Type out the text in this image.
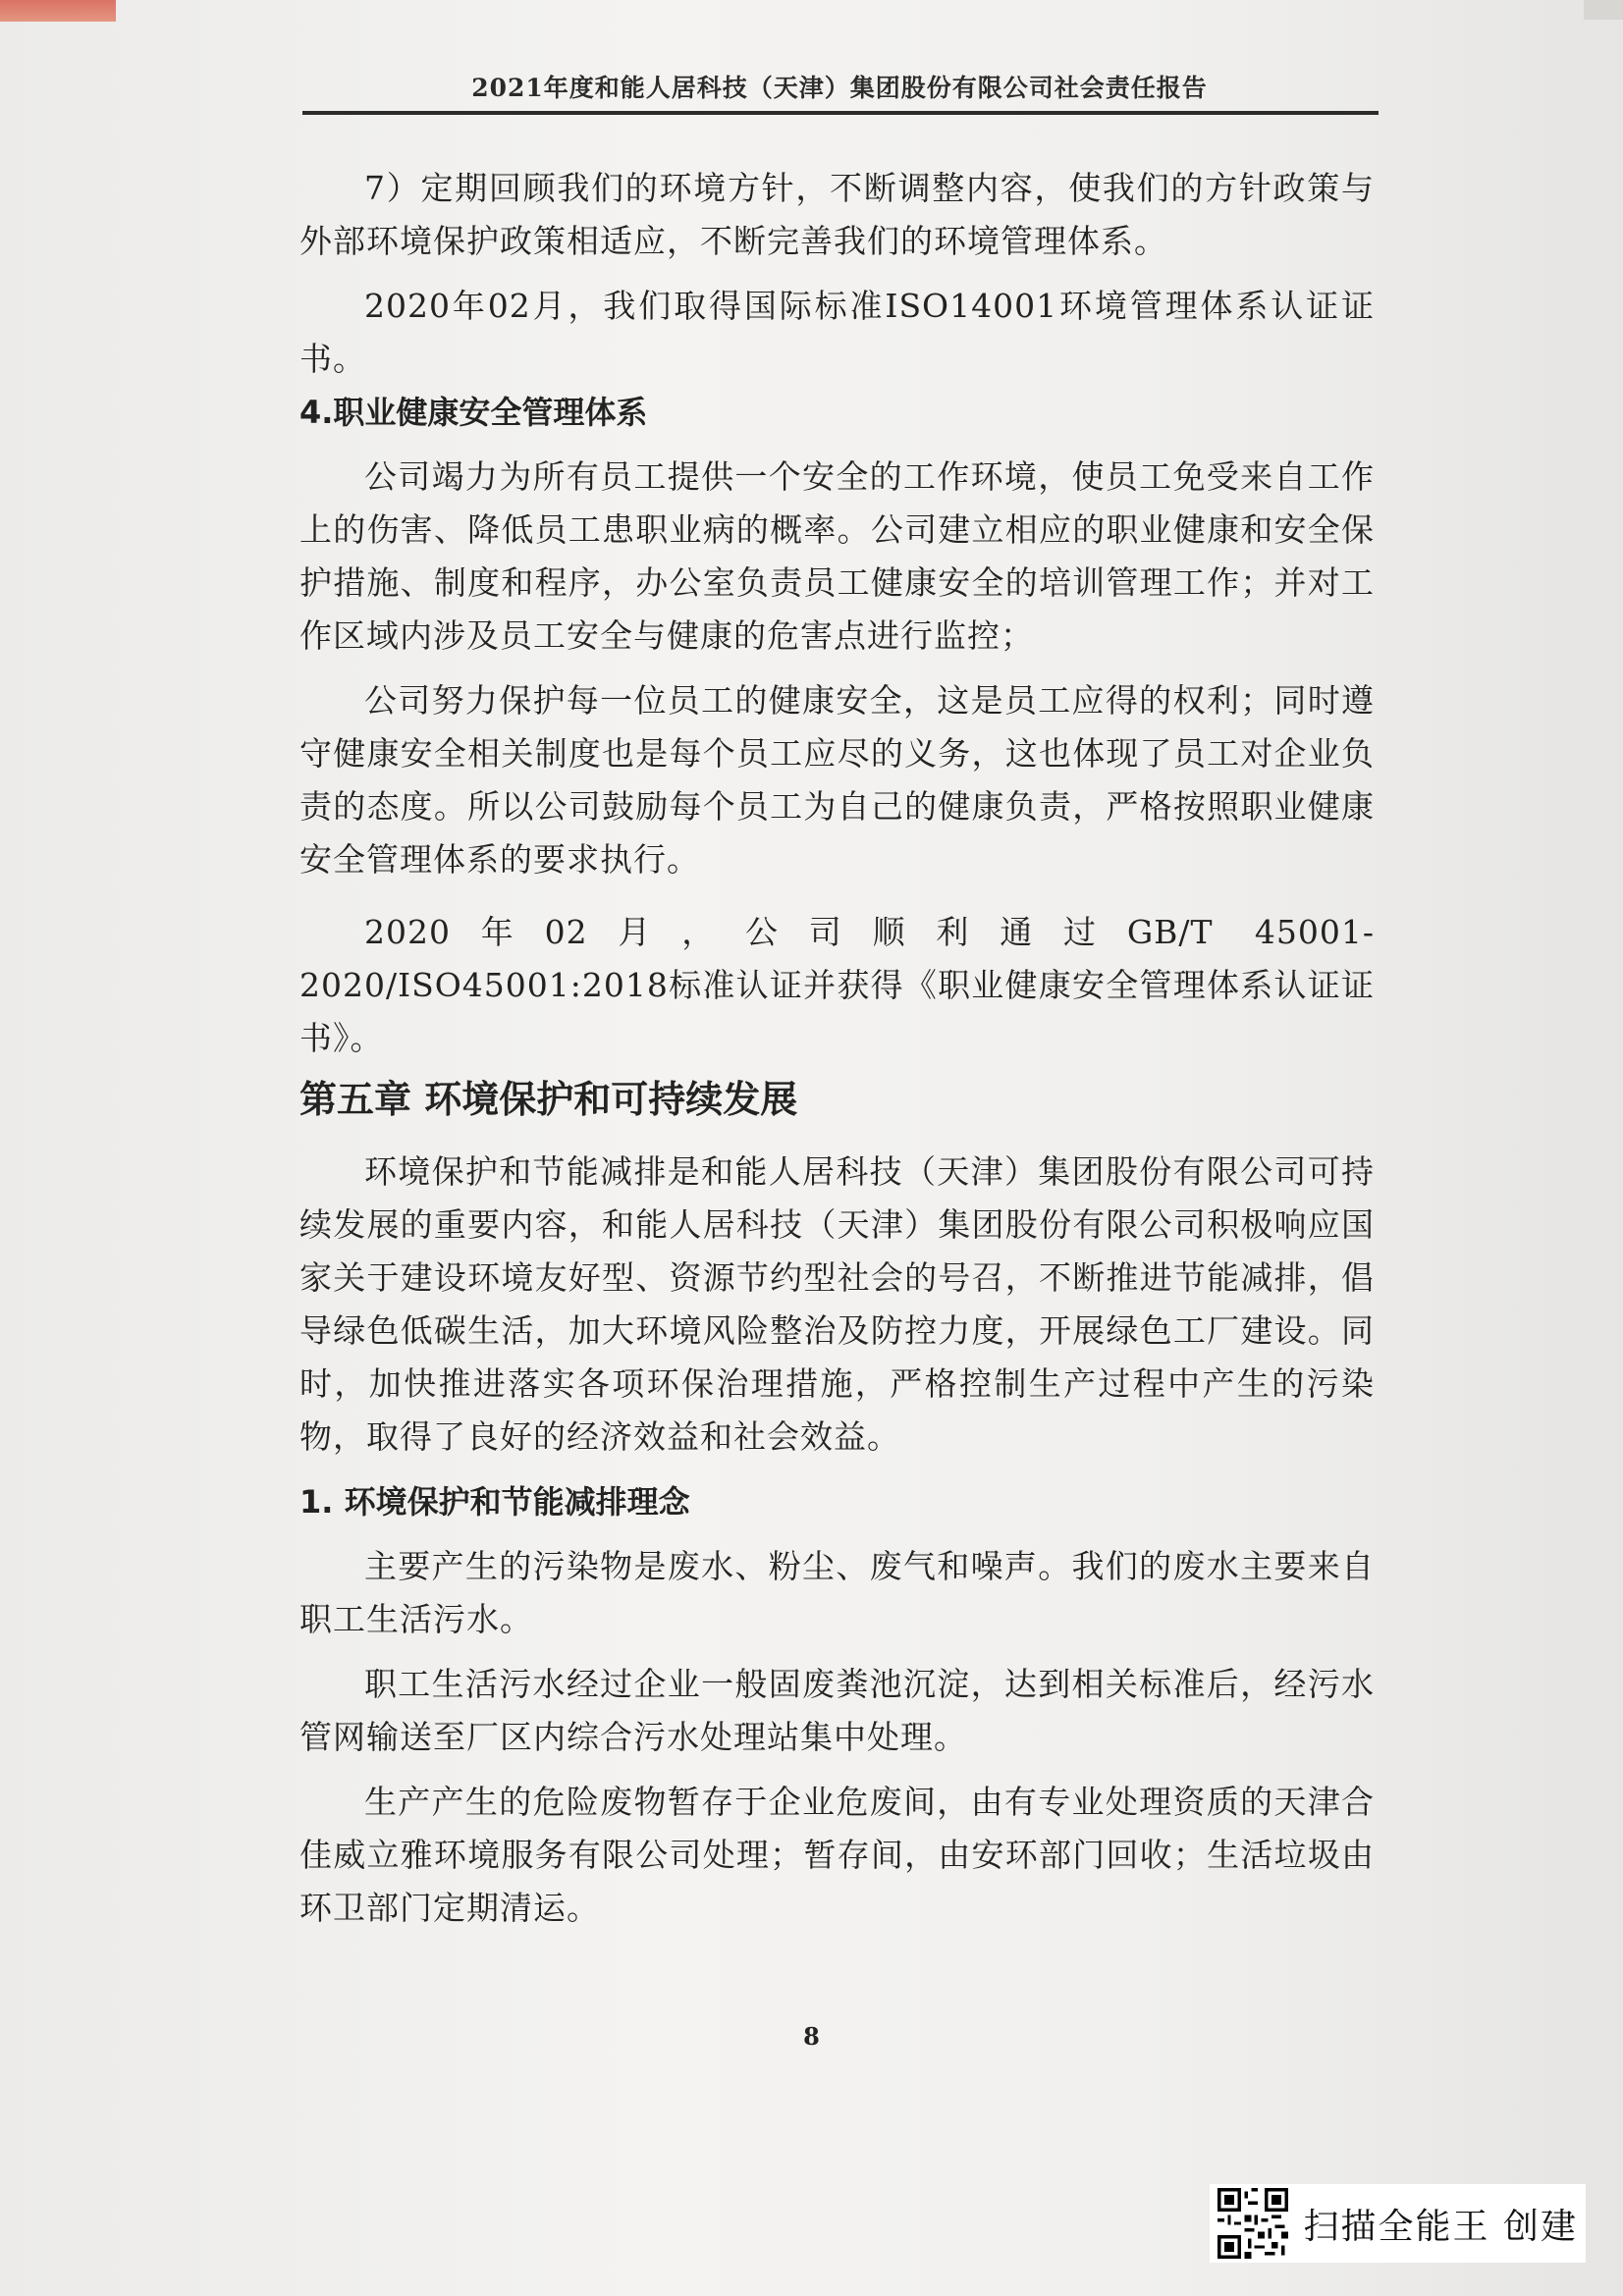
2021年度和能人居科技（天津）集团股份有限公司社会责任报告

7）定期回顾我们的环境方针，不断调整内容，使我们的方针政策与外部环境保护政策相适应，不断完善我们的环境管理体系。

2020年02月，我们取得国际标准ISO14001环境管理体系认证证书。

4.职业健康安全管理体系

公司竭力为所有员工提供一个安全的工作环境，使员工免受来自工作上的伤害、降低员工患职业病的概率。公司建立相应的职业健康和安全保护措施、制度和程序，办公室负责员工健康安全的培训管理工作；并对工作区域内涉及员工安全与健康的危害点进行监控；

公司努力保护每一位员工的健康安全，这是员工应得的权利；同时遵守健康安全相关制度也是每个员工应尽的义务，这也体现了员工对企业负责的态度。所以公司鼓励每个员工为自己的健康负责，严格按照职业健康安全管理体系的要求执行。

2020年02月，公司顺利通过GB/T 45001-2020/ISO45001:2018标准认证并获得《职业健康安全管理体系认证证书》。

第五章 环境保护和可持续发展

环境保护和节能减排是和能人居科技（天津）集团股份有限公司可持续发展的重要内容，和能人居科技（天津）集团股份有限公司积极响应国家关于建设环境友好型、资源节约型社会的号召，不断推进节能减排，倡导绿色低碳生活，加大环境风险整治及防控力度，开展绿色工厂建设。同时，加快推进落实各项环保治理措施，严格控制生产过程中产生的污染物，取得了良好的经济效益和社会效益。

1. 环境保护和节能减排理念

主要产生的污染物是废水、粉尘、废气和噪声。我们的废水主要来自职工生活污水。

职工生活污水经过企业一般固废粪池沉淀，达到相关标准后，经污水管网输送至厂区内综合污水处理站集中处理。

生产产生的危险废物暂存于企业危废间，由有专业处理资质的天津合佳威立雅环境服务有限公司处理；暂存间，由安环部门回收；生活垃圾由环卫部门定期清运。

8
扫描全能王 创建
